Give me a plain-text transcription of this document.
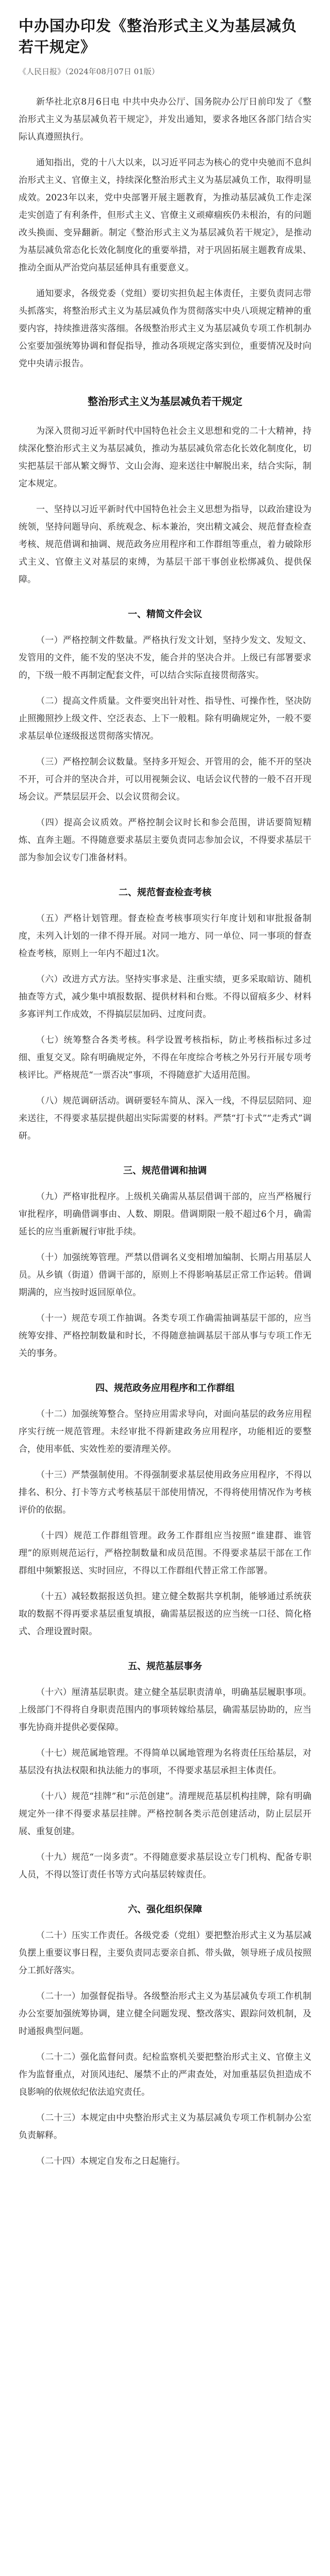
中办国办印发《整治形式主义为基层减负若干规定》
《人民日报》（2024年08月07日 01版）

新华社北京8月6日电 中共中央办公厅、国务院办公厅日前印发了《整治形式主义为基层减负若干规定》，并发出通知，要求各地区各部门结合实际认真遵照执行。

通知指出，党的十八大以来，以习近平同志为核心的党中央驰而不息纠治形式主义、官僚主义，持续深化整治形式主义为基层减负工作，取得明显成效。2023年以来，党中央部署开展主题教育，为推动基层减负工作走深走实创造了有利条件，但形式主义、官僚主义顽瘴痼疾仍未根治，有的问题改头换面、变异翻新。制定《整治形式主义为基层减负若干规定》，是推动为基层减负常态化长效化制度化的重要举措，对于巩固拓展主题教育成果、推动全面从严治党向基层延伸具有重要意义。

通知要求，各级党委（党组）要切实担负起主体责任，主要负责同志带头抓落实，将整治形式主义为基层减负作为贯彻落实中央八项规定精神的重要内容，持续推进落实落细。各级整治形式主义为基层减负专项工作机制办公室要加强统筹协调和督促指导，推动各项规定落实到位，重要情况及时向党中央请示报告。

整治形式主义为基层减负若干规定

为深入贯彻习近平新时代中国特色社会主义思想和党的二十大精神，持续深化整治形式主义为基层减负，推动为基层减负常态化长效化制度化，切实把基层干部从繁文缛节、文山会海、迎来送往中解脱出来，结合实际，制定本规定。

一、坚持以习近平新时代中国特色社会主义思想为指导，以政治建设为统领，坚持问题导向、系统观念、标本兼治，突出精文减会、规范督查检查考核、规范借调和抽调、规范政务应用程序和工作群组等重点，着力破除形式主义、官僚主义对基层的束缚，为基层干部干事创业松绑减负、提供保障。

一、精简文件会议

（一）严格控制文件数量。严格执行发文计划，坚持少发文、发短文、发管用的文件，能不发的坚决不发，能合并的坚决合并。上级已有部署要求的，下级一般不再制定配套文件，可以结合实际直接贯彻落实。

（二）提高文件质量。文件要突出针对性、指导性、可操作性，坚决防止照搬照抄上级文件、空泛表态、上下一般粗。除有明确规定外，一般不要求基层单位逐级报送贯彻落实情况。

（三）严格控制会议数量。坚持多开短会、开管用的会，能不开的坚决不开，可合并的坚决合并，可以用视频会议、电话会议代替的一般不召开现场会议。严禁层层开会、以会议贯彻会议。

（四）提高会议质效。严格控制会议时长和参会范围，讲话要简短精炼、直奔主题。不得随意要求基层主要负责同志参加会议，不得要求基层干部为参加会议专门准备材料。

二、规范督查检查考核

（五）严格计划管理。督查检查考核事项实行年度计划和审批报备制度，未列入计划的一律不得开展。对同一地方、同一单位、同一事项的督查检查考核，原则上一年内不超过1次。

（六）改进方式方法。坚持实事求是、注重实绩，更多采取暗访、随机抽查等方式，减少集中填报数据、提供材料和台账。不得以留痕多少、材料多寡评判工作成效，不得搞层层加码、过度问责。

（七）统筹整合各类考核。科学设置考核指标，防止考核指标过多过细、重复交叉。除有明确规定外，不得在年度综合考核之外另行开展专项考核评比。严格规范“一票否决”事项，不得随意扩大适用范围。

（八）规范调研活动。调研要轻车简从、深入一线，不得层层陪同、迎来送往，不得要求基层提供超出实际需要的材料。严禁“打卡式”“走秀式”调研。

三、规范借调和抽调

（九）严格审批程序。上级机关确需从基层借调干部的，应当严格履行审批程序，明确借调事由、人数、期限。借调期限一般不超过6个月，确需延长的应当重新履行审批手续。

（十）加强统筹管理。严禁以借调名义变相增加编制、长期占用基层人员。从乡镇（街道）借调干部的，原则上不得影响基层正常工作运转。借调期满的，应当按时返回原单位。

（十一）规范专项工作抽调。各类专项工作确需抽调基层干部的，应当统筹安排、严格控制数量和时长，不得随意抽调基层干部从事与专项工作无关的事务。

四、规范政务应用程序和工作群组

（十二）加强统筹整合。坚持应用需求导向，对面向基层的政务应用程序实行统一规范管理。未经审批不得新建政务应用程序，功能相近的要整合，使用率低、实效性差的要清理关停。

（十三）严禁强制使用。不得强制要求基层使用政务应用程序，不得以排名、积分、打卡等方式考核基层干部使用情况，不得将使用情况作为考核评价的依据。

（十四）规范工作群组管理。政务工作群组应当按照“谁建群、谁管理”的原则规范运行，严格控制数量和成员范围。不得要求基层干部在工作群组中频繁报送、实时回应，不得以工作群组代替正常工作部署。

（十五）减轻数据报送负担。建立健全数据共享机制，能够通过系统获取的数据不得再要求基层重复填报，确需基层报送的应当统一口径、简化格式、合理设置时限。

五、规范基层事务

（十六）厘清基层职责。建立健全基层职责清单，明确基层履职事项。上级部门不得将自身职责范围内的事项转嫁给基层，确需基层协助的，应当事先协商并提供必要保障。

（十七）规范属地管理。不得简单以属地管理为名将责任压给基层，对基层没有执法权限和执法能力的事项，不得要求基层承担主体责任。

（十八）规范“挂牌”和“示范创建”。清理规范基层机构挂牌，除有明确规定外一律不得要求基层挂牌。严格控制各类示范创建活动，防止层层开展、重复创建。

（十九）规范“一岗多责”。不得随意要求基层设立专门机构、配备专职人员，不得以签订责任书等方式向基层转嫁责任。

六、强化组织保障

（二十）压实工作责任。各级党委（党组）要把整治形式主义为基层减负摆上重要议事日程，主要负责同志要亲自抓、带头做，领导班子成员按照分工抓好落实。

（二十一）加强督促指导。各级整治形式主义为基层减负专项工作机制办公室要加强统筹协调，建立健全问题发现、整改落实、跟踪问效机制，及时通报典型问题。

（二十二）强化监督问责。纪检监察机关要把整治形式主义、官僚主义作为监督重点，对顶风违纪、屡禁不止的严肃查处，对加重基层负担造成不良影响的依规依纪依法追究责任。

（二十三）本规定由中央整治形式主义为基层减负专项工作机制办公室负责解释。

（二十四）本规定自发布之日起施行。
